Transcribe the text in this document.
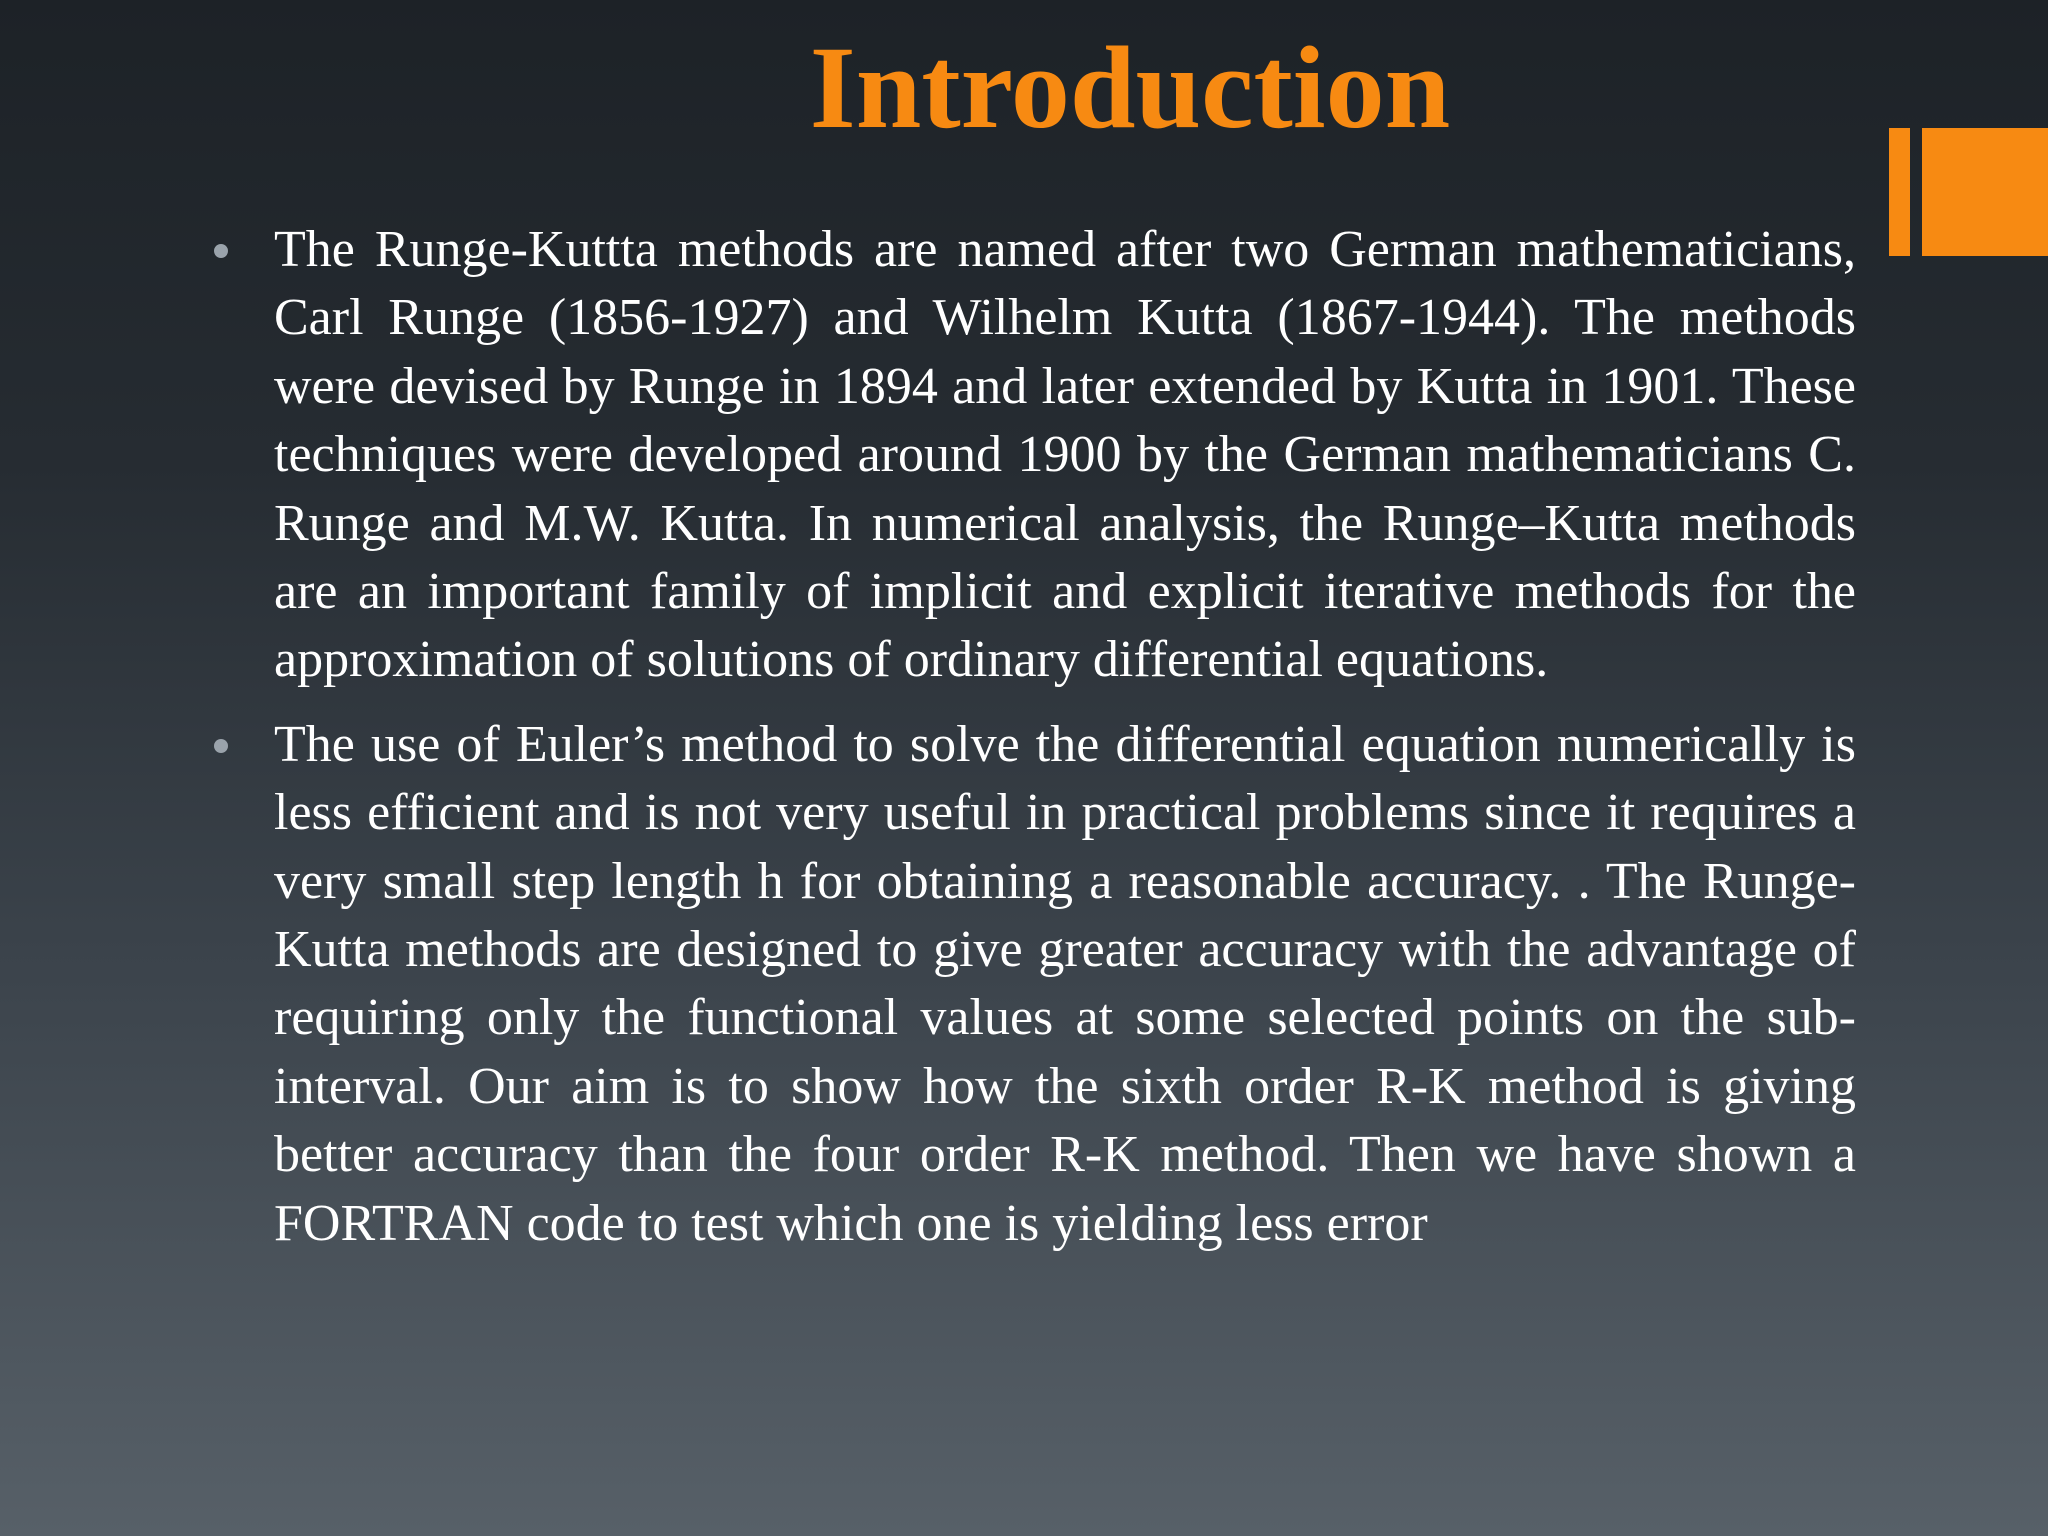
Introduction
The Runge-Kuttta methods are named after two German mathematicians, Carl Runge (1856-1927) and Wilhelm Kutta (1867-1944). The methods were devised by Runge in 1894 and later extended by Kutta in 1901. These techniques were developed around 1900 by the German mathematicians C. Runge and M.W. Kutta. In numerical analysis, the Runge–Kutta methods are an important family of implicit and explicit iterative methods for the approximation of solutions of ordinary differential equations.
The use of Euler’s method to solve the differential equation numerically is less efficient and is not very useful in practical problems since it requires a very small step length h for obtaining a reasonable accuracy. . The Runge-Kutta methods are designed to give greater accuracy with the advantage of requiring only the functional values at some selected points on the sub-interval. Our aim is to show how the sixth order R-K method is giving better accuracy than the four order R-K method. Then we have shown a FORTRAN code to test which one is yielding less error
